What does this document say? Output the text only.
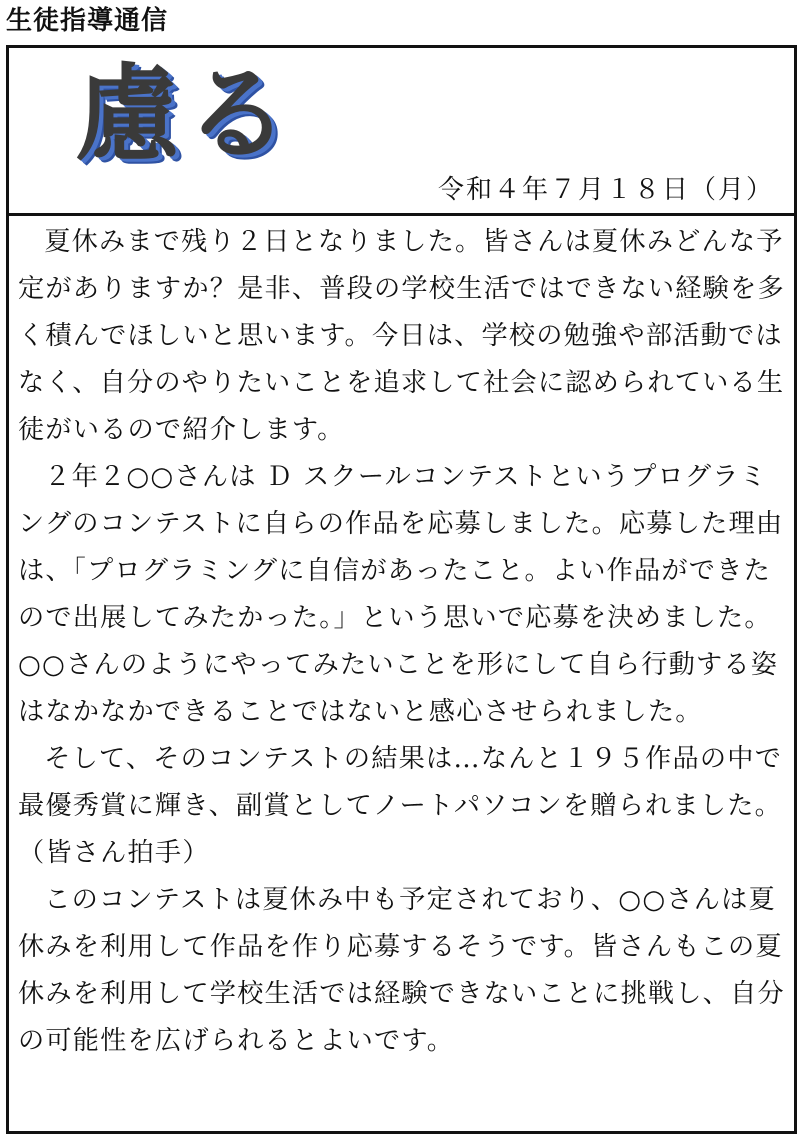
生徒指導通信
慮る
令和４年７月１８日（月）

夏休みまで残り２日となりました。皆さんは夏休みどんな予定がありますか？是非、普段の学校生活ではできない経験を多く積んでほしいと思います。今日は、学校の勉強や部活動ではなく、自分のやりたいことを追求して社会に認められている生徒がいるので紹介します。

２年２○○さんは Ｄ スクールコンテストというプログラミングのコンテストに自らの作品を応募しました。応募した理由は、「プログラミングに自信があったこと。よい作品ができたので出展してみたかった。」という思いで応募を決めました。○○さんのようにやってみたいことを形にして自ら行動する姿はなかなかできることではないと感心させられました。

そして、そのコンテストの結果は…なんと１９５作品の中で最優秀賞に輝き、副賞としてノートパソコンを贈られました。（皆さん拍手）

このコンテストは夏休み中も予定されており、○○さんは夏休みを利用して作品を作り応募するそうです。皆さんもこの夏休みを利用して学校生活では経験できないことに挑戦し、自分の可能性を広げられるとよいです。
